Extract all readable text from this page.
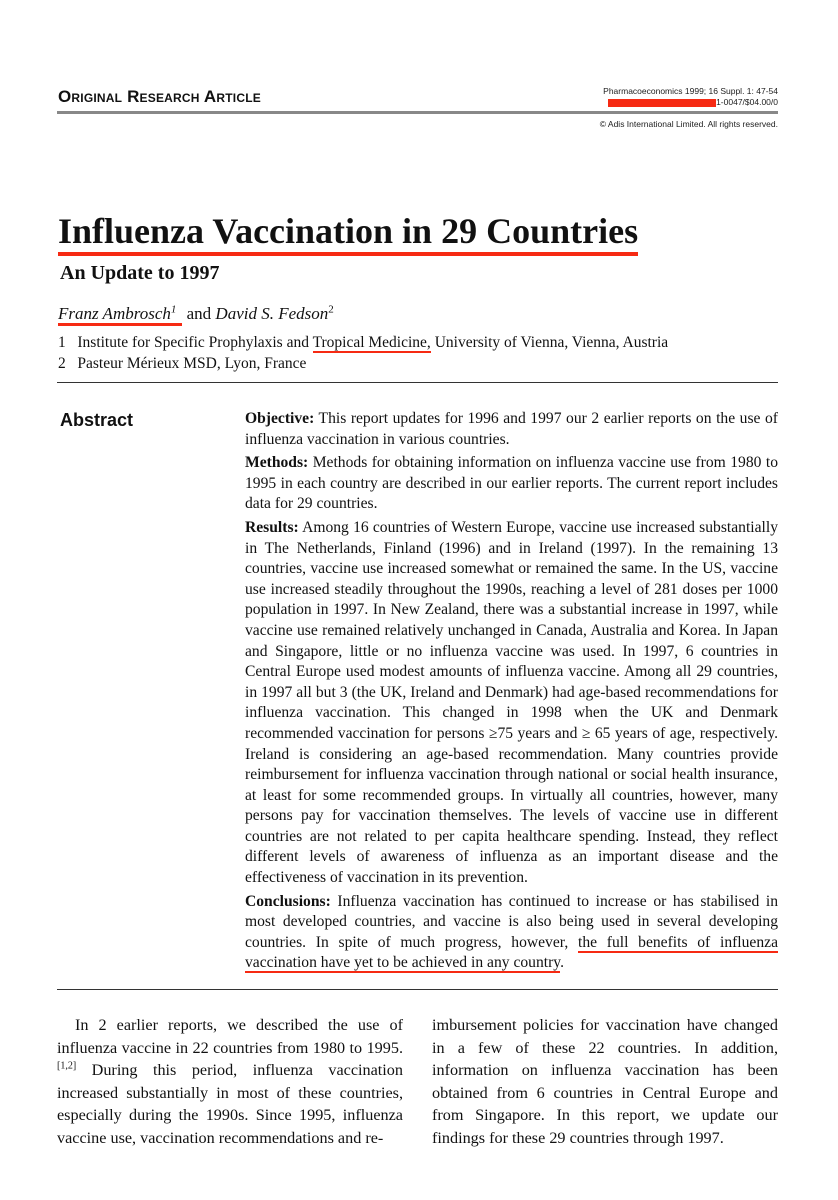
Original Research Article	Pharmacoeconomics 1999; 16 Suppl. 1: 47-54
1-0047/$04.00/0
© Adis International Limited. All rights reserved.
Influenza Vaccination in 29 Countries
An Update to 1997
Franz Ambrosch$^1$ and David S. Fedson$^2$
1 Institute for Specific Prophylaxis and Tropical Medicine, University of Vienna, Vienna, Austria
2 Pasteur Mérieux MSD, Lyon, France
Abstract	Objective: This report updates for 1996 and 1997 our 2 earlier reports on the use of influenza vaccination in various countries.

Methods: Methods for obtaining information on influenza vaccine use from 1980 to 1995 in each country are described in our earlier reports. The current report includes data for 29 countries.

Results: Among 16 countries of Western Europe, vaccine use increased substantially in The Netherlands, Finland (1996) and in Ireland (1997). In the remaining 13 countries, vaccine use increased somewhat or remained the same. In the US, vaccine use increased steadily throughout the 1990s, reaching a level of 281 doses per 1000 population in 1997. In New Zealand, there was a substantial increase in 1997, while vaccine use remained relatively unchanged in Canada, Australia and Korea. In Japan and Singapore, little or no influenza vaccine was used. In 1997, 6 countries in Central Europe used modest amounts of influenza vaccine. Among all 29 countries, in 1997 all but 3 (the UK, Ireland and Denmark) had age-based recommendations for influenza vaccination. This changed in 1998 when the UK and Denmark recommended vaccination for persons ≥75 years and ≥ 65 years of age, respectively. Ireland is considering an age-based recommendation. Many countries provide reimbursement for influenza vaccination through national or social health insurance, at least for some recommended groups. In virtually all countries, however, many persons pay for vaccination themselves. The levels of vaccine use in different countries are not related to per capita healthcare spending. Instead, they reflect different levels of awareness of influenza as an important disease and the effectiveness of vaccination in its prevention.

Conclusions: Influenza vaccination has continued to increase or has stabilised in most developed countries, and vaccine is also being used in several developing countries. In spite of much progress, however, the full benefits of influenza vaccination have yet to be achieved in any country.

In 2 earlier reports, we described the use of influenza vaccine in 22 countries from 1980 to 1995.[1,2] During this period, influenza vaccination increased substantially in most of these countries, especially during the 1990s. Since 1995, influenza vaccine use, vaccination recommendations and re-

imbursement policies for vaccination have changed in a few of these 22 countries. In addition, information on influenza vaccination has been obtained from 6 countries in Central Europe and from Singapore. In this report, we update our findings for these 29 countries through 1997.
